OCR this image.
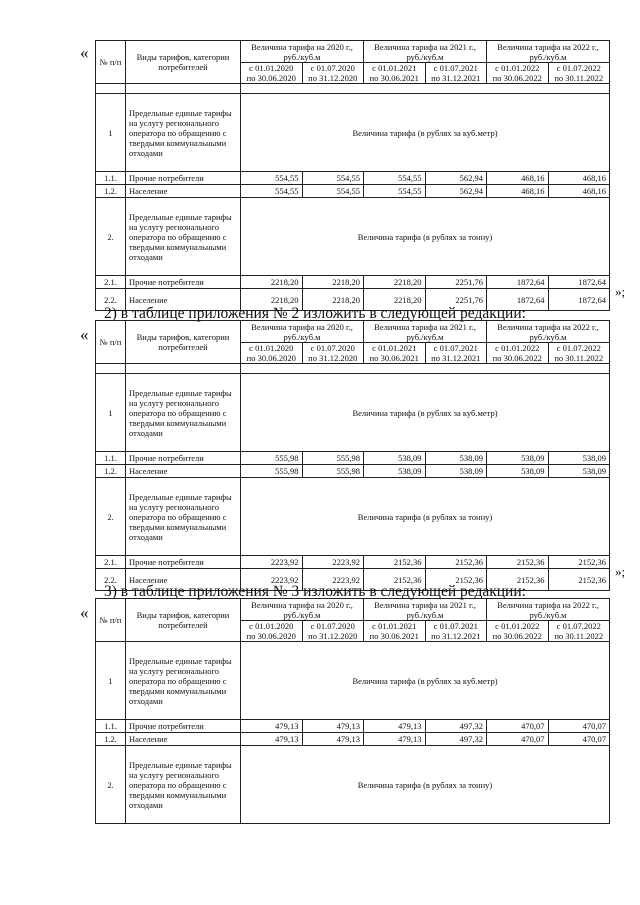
« № п/п	Виды тарифов, категории потребителей	Величина тарифа на 2020 г., руб./куб.м		Величина тарифа на 2021 г., руб./куб.м		Величина тарифа на 2022 г., руб./куб.м	
		с 01.01.2020 по 30.06.2020	с 01.07.2020 по 31.12.2020	с 01.01.2021 по 30.06.2021	с 01.07.2021 по 31.12.2021	с 01.01.2022 по 30.06.2022	с 01.07.2022 по 30.11.2022

1	Предельные единые тарифы на услугу регионального оператора по обращению с твердыми коммунальными отходами	Величина тарифа (в рублях за куб.метр)					
1.1.	Прочие потребители	554,55	554,55	554,55	562,94	468,16	468,16
1.2.	Население	554,55	554,55	554,55	562,94	468,16	468,16
2.	Предельные единые тарифы на услугу регионального оператора по обращению с твердыми коммунальными отходами	Величина тарифа (в рублях за тонну)					
2.1.	Прочие потребители	2218,20	2218,20	2218,20	2251,76	1872,64	1872,64
2.2.	Население	2218,20	2218,20	2218,20	2251,76	1872,64	1872,64
»;
2) в таблице приложения № 2 изложить в следующей редакции:
« № п/п	Виды тарифов, категории потребителей	Величина тарифа на 2020 г., руб./куб.м		Величина тарифа на 2021 г., руб./куб.м		Величина тарифа на 2022 г., руб./куб.м	
		с 01.01.2020 по 30.06.2020	с 01.07.2020 по 31.12.2020	с 01.01.2021 по 30.06.2021	с 01.07.2021 по 31.12.2021	с 01.01.2022 по 30.06.2022	с 01.07.2022 по 30.11.2022

1	Предельные единые тарифы на услугу регионального оператора по обращению с твердыми коммунальными отходами	Величина тарифа (в рублях за куб.метр)					
1.1.	Прочие потребители	555,98	555,98	538,09	538,09	538,09	538,09
1.2.	Население	555,98	555,98	538,09	538,09	538,09	538,09
2.	Предельные единые тарифы на услугу регионального оператора по обращению с твердыми коммунальными отходами	Величина тарифа (в рублях за тонну)					
2.1.	Прочие потребители	2223,92	2223,92	2152,36	2152,36	2152,36	2152,36
2.2.	Население	2223,92	2223,92	2152,36	2152,36	2152,36	2152,36
»;
3) в таблице приложения № 3 изложить в следующей редакции:
« № п/п	Виды тарифов, категории потребителей	Величина тарифа на 2020 г., руб./куб.м		Величина тарифа на 2021 г., руб./куб.м		Величина тарифа на 2022 г., руб./куб.м	
		с 01.01.2020 по 30.06.2020	с 01.07.2020 по 31.12.2020	с 01.01.2021 по 30.06.2021	с 01.07.2021 по 31.12.2021	с 01.01.2022 по 30.06.2022	с 01.07.2022 по 30.11.2022
1	Предельные единые тарифы на услугу регионального оператора по обращению с твердыми коммунальными отходами	Величина тарифа (в рублях за куб.метр)					
1.1.	Прочие потребители	479,13	479,13	479,13	497,32	470,07	470,07
1.2.	Население	479,13	479,13	479,13	497,32	470,07	470,07
2.	Предельные единые тарифы на услугу регионального оператора по обращению с твердыми коммунальными отходами	Величина тарифа (в рублях за тонну)					
